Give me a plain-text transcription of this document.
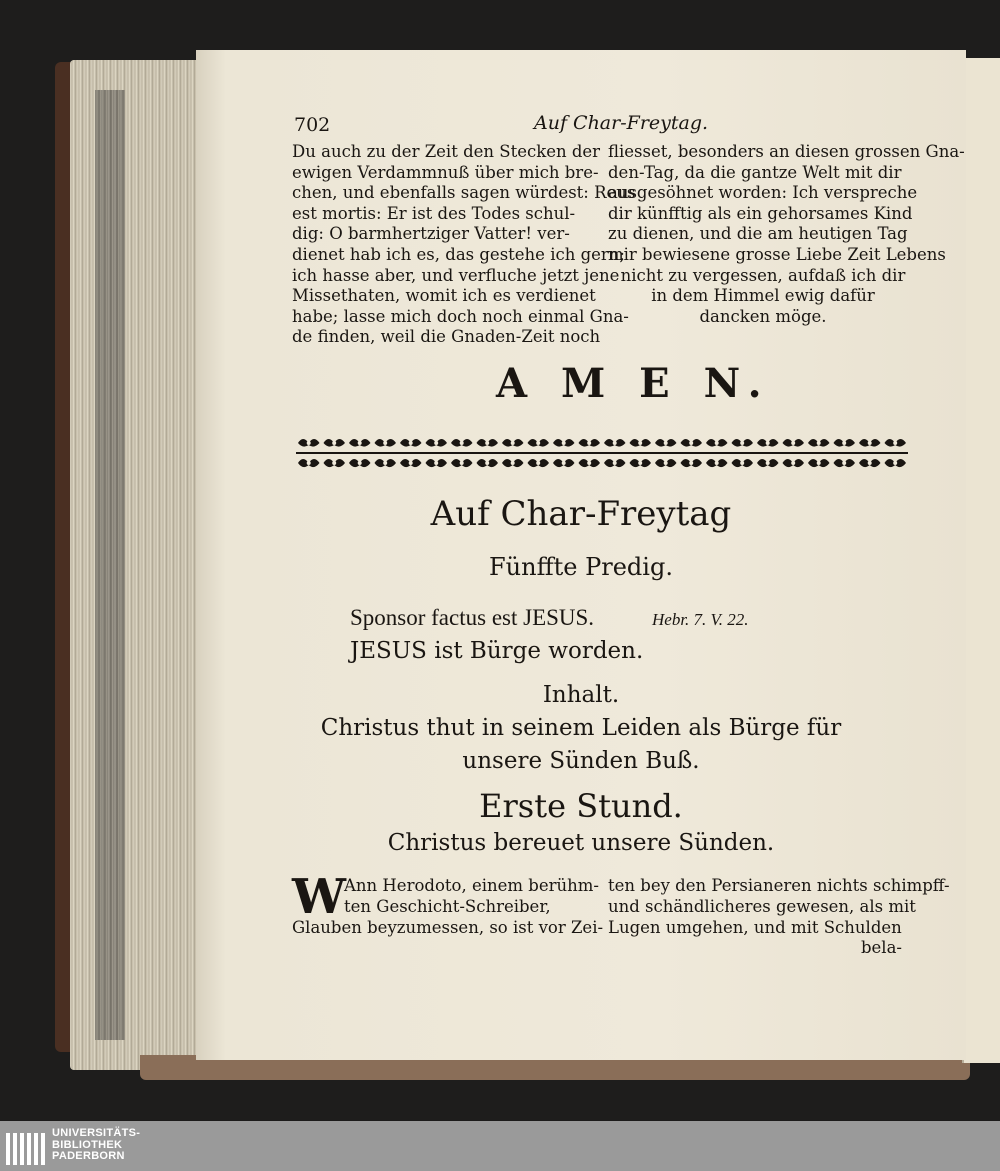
702	Auf Char-Freytag.
Du auch zu der Zeit den Stecken der
ewigen Verdammnuß über mich bre-
chen, und ebenfalls sagen würdest: Reus
est mortis: Er ist des Todes schul-
dig: O barmhertziger Vatter! ver-
dienet hab ich es, das gestehe ich gern;
ich hasse aber, und verfluche jetzt jene
Missethaten, womit ich es verdienet
habe; lasse mich doch noch einmal Gna-
de finden, weil die Gnaden-Zeit noch
fliesset, besonders an diesen grossen Gna-
den-Tag, da die gantze Welt mit dir
ausgesöhnet worden: Ich verspreche
dir künfftig als ein gehorsames Kind
zu dienen, und die am heutigen Tag
mir bewiesene grosse Liebe Zeit Lebens
nicht zu vergessen, aufdaß ich dir
in dem Himmel ewig dafür
dancken möge.
A M E N.
Auf Char-Freytag
Fünffte Predig.
Sponsor factus est JESUS.	Hebr. 7. V. 22.
JESUS ist Bürge worden.
Inhalt.
Christus thut in seinem Leiden als Bürge für
unsere Sünden Buß.
Erste Stund.
Christus bereuet unsere Sünden.
W
Ann Herodoto, einem berühm-
ten Geschicht-Schreiber,
Glauben beyzumessen, so ist vor Zei-
ten bey den Persianeren nichts schimpff-
und schändlicheres gewesen, als mit
Lugen umgehen, und mit Schulden
bela-
UNIVERSITÄTS-
BIBLIOTHEK
PADERBORN
